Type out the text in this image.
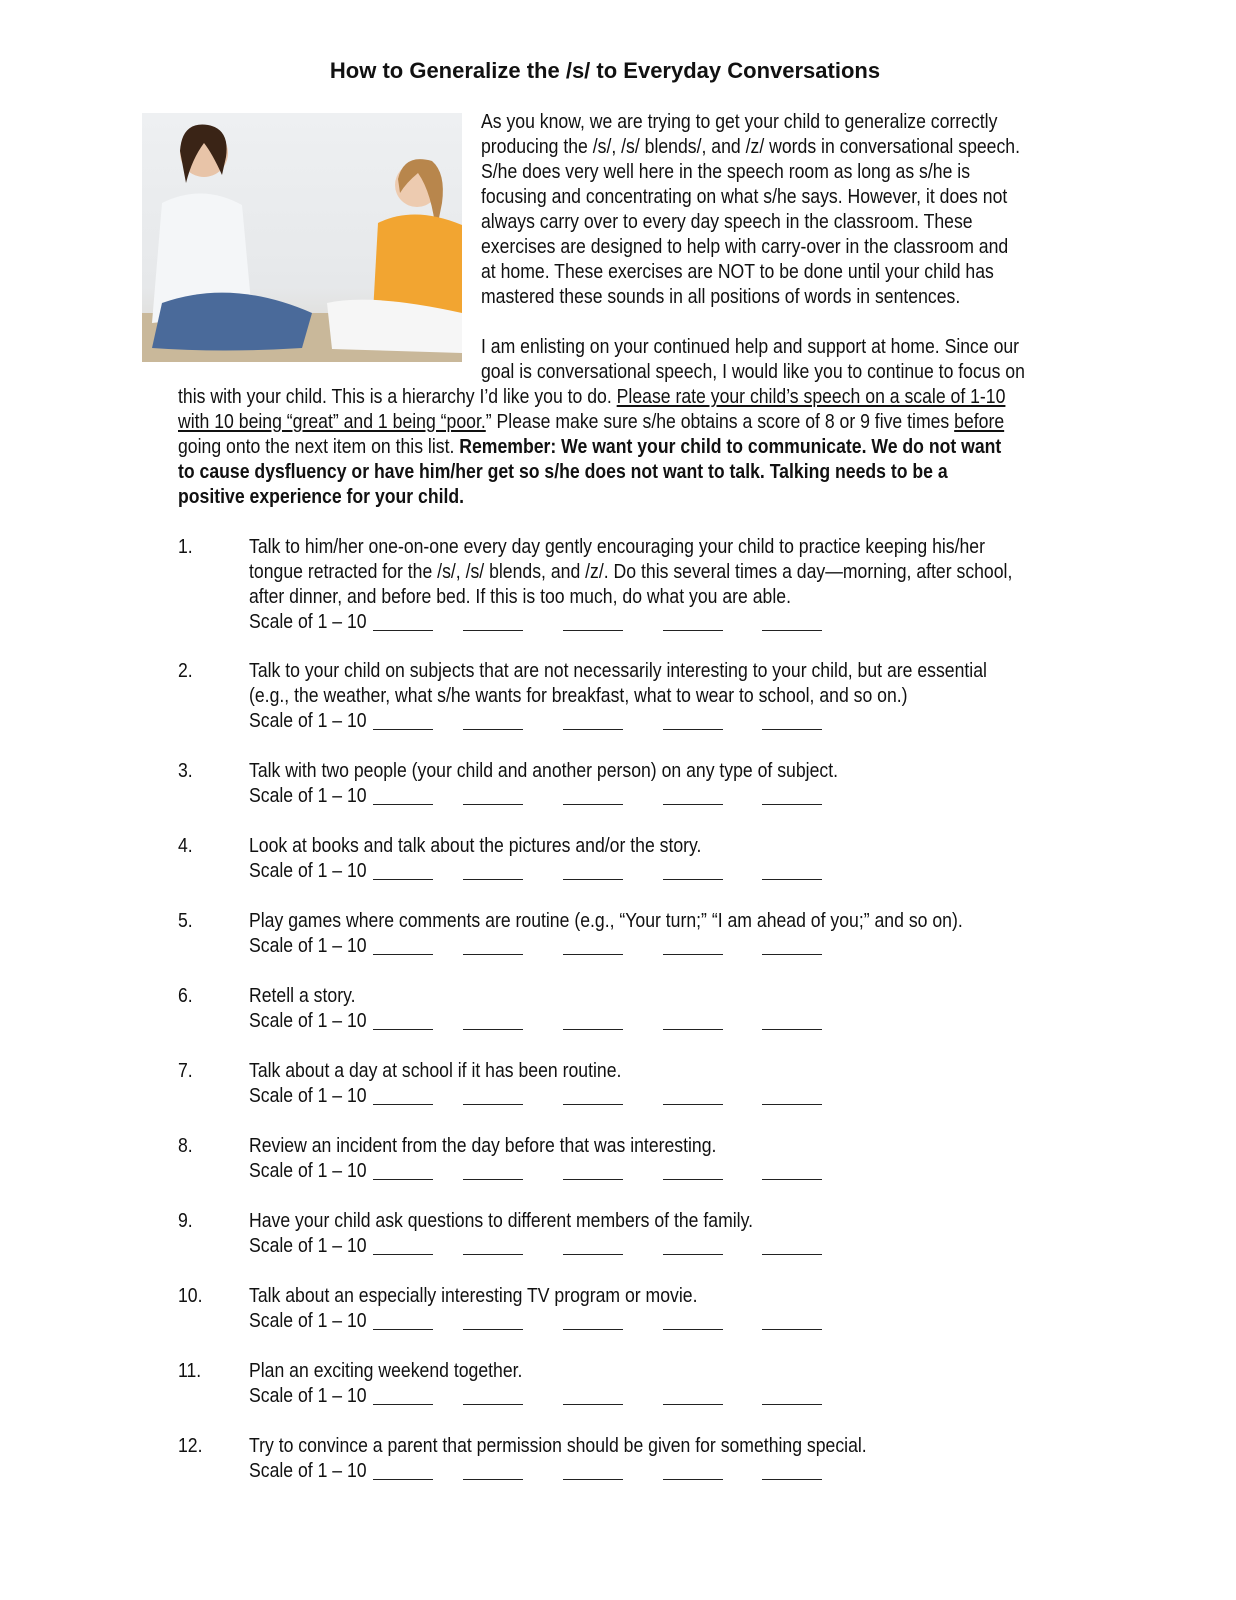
How to Generalize the /s/ to Everyday Conversations
As you know, we are trying to get your child to generalize correctly
producing the /s/, /s/ blends/, and /z/ words in conversational speech.
S/he does very well here in the speech room as long as s/he is
focusing and concentrating on what s/he says. However, it does not
always carry over to every day speech in the classroom. These
exercises are designed to help with carry-over in the classroom and
at home. These exercises are NOT to be done until your child has
mastered these sounds in all positions of words in sentences.
I am enlisting on your continued help and support at home. Since our
goal is conversational speech, I would like you to continue to focus on
this with your child. This is a hierarchy I’d like you to do. Please rate your child’s speech on a scale of 1-10
with 10 being “great” and 1 being “poor.” Please make sure s/he obtains a score of 8 or 9 five times before
going onto the next item on this list. Remember: We want your child to communicate. We do not want
to cause dysfluency or have him/her get so s/he does not want to talk. Talking needs to be a
positive experience for your child.
1.	Talk to him/her one-on-one every day gently encouraging your child to practice keeping his/her
tongue retracted for the /s/, /s/ blends, and /z/. Do this several times a day—morning, after school,
after dinner, and before bed. If this is too much, do what you are able.
Scale of 1 – 10
2.	Talk to your child on subjects that are not necessarily interesting to your child, but are essential
(e.g., the weather, what s/he wants for breakfast, what to wear to school, and so on.)
Scale of 1 – 10
3.	Talk with two people (your child and another person) on any type of subject.
Scale of 1 – 10
4.	Look at books and talk about the pictures and/or the story.
Scale of 1 – 10
5.	Play games where comments are routine (e.g., “Your turn;” “I am ahead of you;” and so on).
Scale of 1 – 10
6.	Retell a story.
Scale of 1 – 10
7.	Talk about a day at school if it has been routine.
Scale of 1 – 10
8.	Review an incident from the day before that was interesting.
Scale of 1 – 10
9.	Have your child ask questions to different members of the family.
Scale of 1 – 10
10. Talk about an especially interesting TV program or movie.
Scale of 1 – 10
11. Plan an exciting weekend together.
Scale of 1 – 10
12. Try to convince a parent that permission should be given for something special.
Scale of 1 – 10
